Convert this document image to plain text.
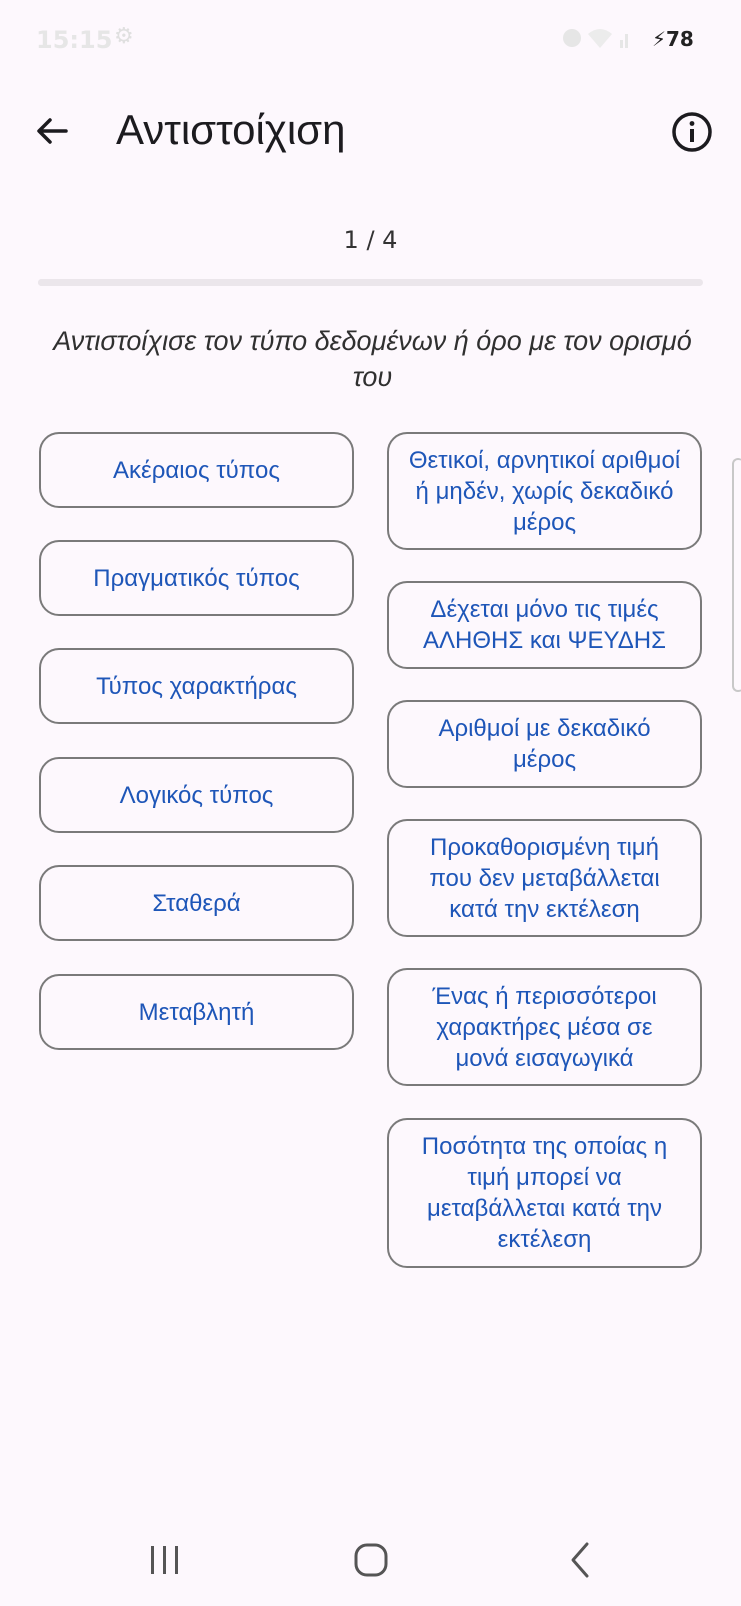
15:15 ⚙	⚡ 78
Αντιστοίχιση
1 / 4
Αντιστοίχισε τον τύπο δεδομένων ή όρο με τον ορισμό του
Ακέραιος τύπος
Πραγματικός τύπος
Τύπος χαρακτήρας
Λογικός τύπος
Σταθερά
Μεταβλητή
Θετικοί, αρνητικοί αριθμοί ή μηδέν, χωρίς δεκαδικό μέρος
Δέχεται μόνο τις τιμές ΑΛΗΘΗΣ και ΨΕΥΔΗΣ
Αριθμοί με δεκαδικό μέρος
Προκαθορισμένη τιμή που δεν μεταβάλλεται κατά την εκτέλεση
Ένας ή περισσότεροι χαρακτήρες μέσα σε μονά εισαγωγικά
Ποσότητα της οποίας η τιμή μπορεί να μεταβάλλεται κατά την εκτέλεση
